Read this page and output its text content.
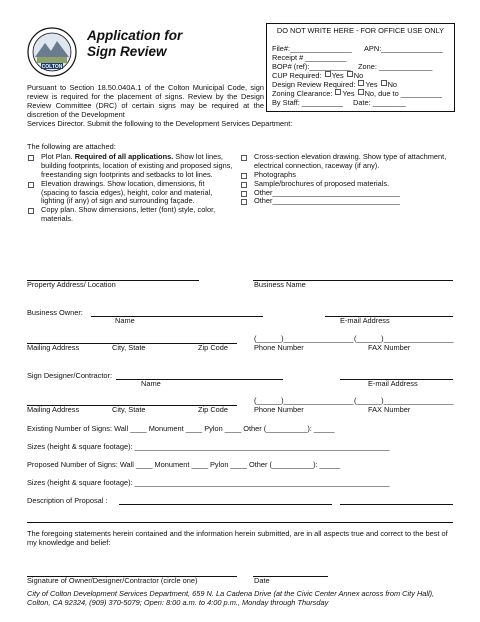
COLTON
Application for
Sign Review
DO NOT WRITE HERE - FOR OFFICE USE ONLY
File#:_______________ APN:_______________
Receipt # __________
BOP# (ref):__________ Zone: _____________
CUP Required: Yes No
Design Review Required: Yes No
Zoning Clearance: Yes No, due to __________
By Staff: __________ Date: ________
Pursuant to Section 18.50.040A.1 of the Colton Municipal Code, sign review is required for the placement of signs. Review by the Design Review Committee (DRC) of certain signs may be required at the discretion of the Development
Services Director. Submit the following to the Development Services Department:
The following are attached:
Plot Plan. Required of all applications. Show lot lines, building footprints, location of existing and proposed signs, freestanding sign footprints and setbacks to lot lines.
Elevation drawings. Show location, dimensions, fit (spacing to fascia edges), height, color and material, lighting (if any) of sign and surrounding façade.
Copy plan. Show dimensions, letter (font) style, color, materials.
Cross-section elevation drawing. Show type of attachment, electrical connection, raceway (if any).
Photographs
Sample/brochures of proposed materials.
Other_______________________________
Other_______________________________
Property Address/ Location	Business Name
Business Owner:
Name	E-mail Address
(______)_________________ (______)_________________
Mailing Address	City, State	Zip Code	Phone Number	FAX Number
Sign Designer/Contractor:
Name	E-mail Address
(______)_________________ (______)_________________
Mailing Address	City, State	Zip Code	Phone Number	FAX Number
Existing Number of Signs: Wall ____ Monument ____ Pylon ____ Other (__________): _____
Sizes (height & square footage): ______________________________________________________________
Proposed Number of Signs: Wall ____ Monument ____ Pylon ____ Other (__________): _____
Sizes (height & square footage): ______________________________________________________________
Description of Proposal :
The foregoing statements herein contained and the information herein submitted, are in all aspects true and correct to the best of my knowledge and belief:
Signature of Owner/Designer/Contractor (circle one)	Date
City of Colton Development Services Department, 659 N. La Cadena Drive (at the Civic Center Annex across from City Hall), Colton, CA 92324, (909) 370-5079; Open: 8:00 a.m. to 4:00 p.m., Monday through Thursday
